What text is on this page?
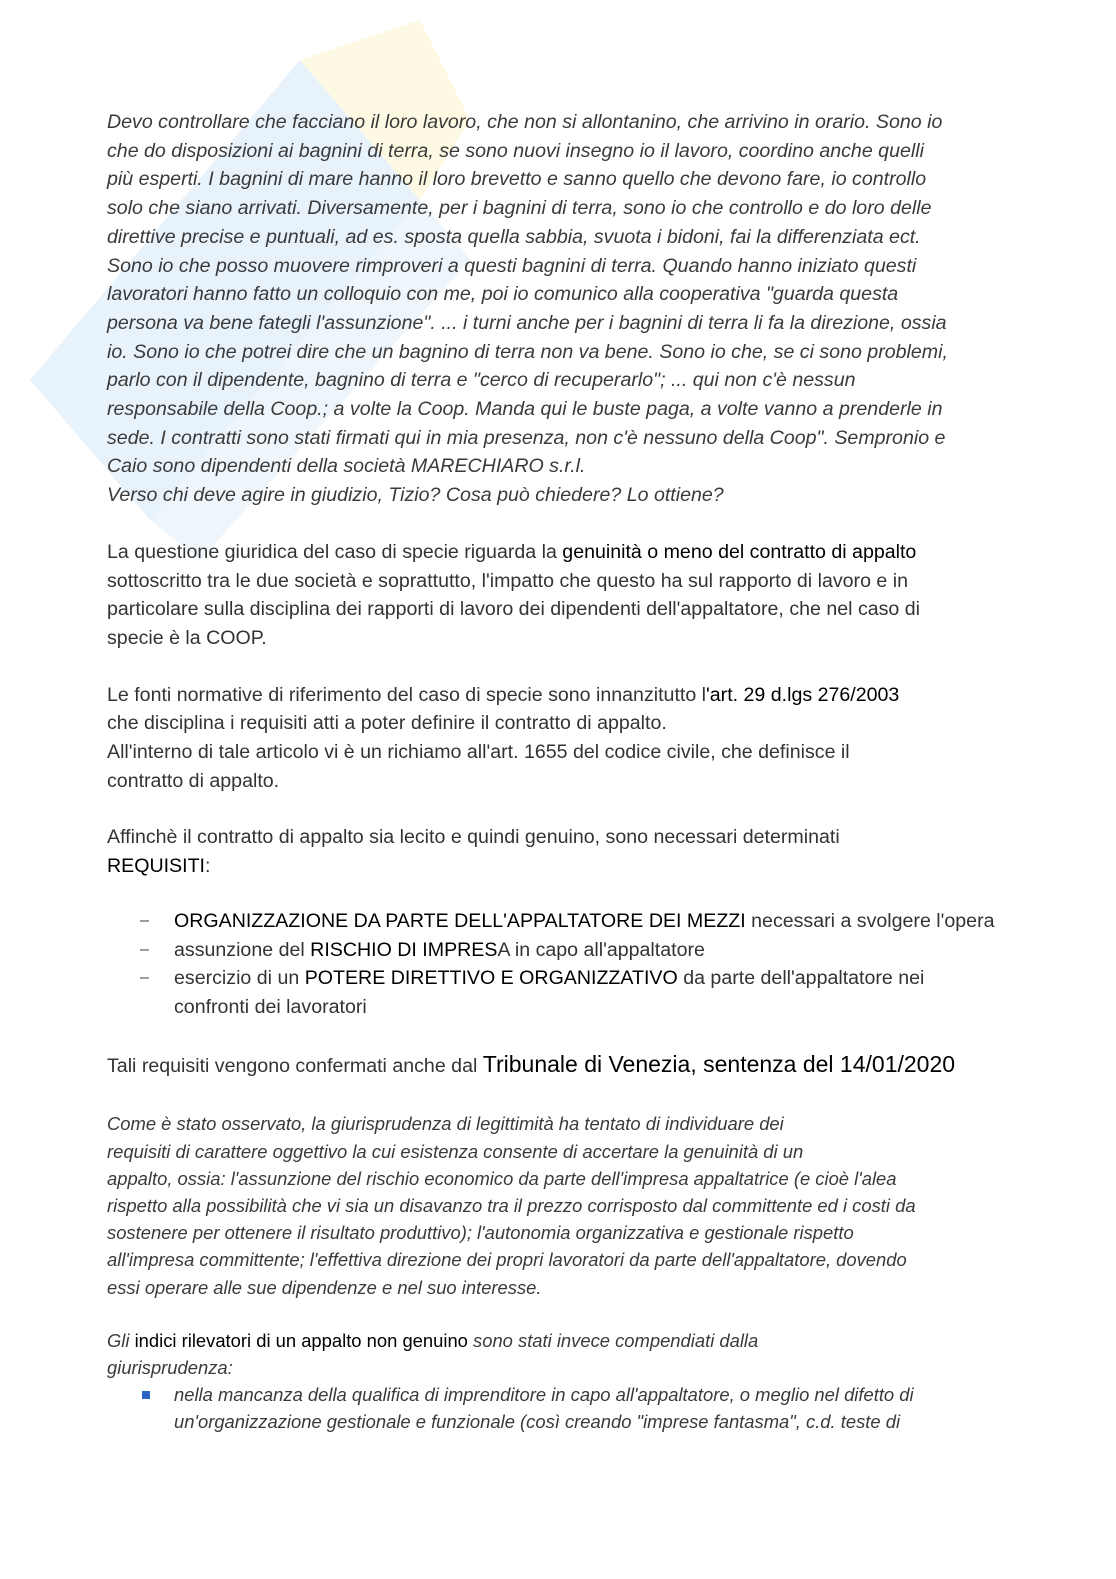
Devo controllare che facciano il loro lavoro, che non si allontanino, che arrivino in orario. Sono io

che do disposizioni ai bagnini di terra, se sono nuovi insegno io il lavoro, coordino anche quelli

più esperti. I bagnini di mare hanno il loro brevetto e sanno quello che devono fare, io controllo

solo che siano arrivati. Diversamente, per i bagnini di terra, sono io che controllo e do loro delle

direttive precise e puntuali, ad es. sposta quella sabbia, svuota i bidoni, fai la differenziata ect.

Sono io che posso muovere rimproveri a questi bagnini di terra. Quando hanno iniziato questi

lavoratori hanno fatto un colloquio con me, poi io comunico alla cooperativa "guarda questa

persona va bene fategli l'assunzione". ... i turni anche per i bagnini di terra li fa la direzione, ossia

io. Sono io che potrei dire che un bagnino di terra non va bene. Sono io che, se ci sono problemi,

parlo con il dipendente, bagnino di terra e "cerco di recuperarlo"; ... qui non c'è nessun

responsabile della Coop.; a volte la Coop. Manda qui le buste paga, a volte vanno a prenderle in

sede. I contratti sono stati firmati qui in mia presenza, non c'è nessuno della Coop". Sempronio e

Caio sono dipendenti della società MARECHIARO s.r.l.

Verso chi deve agire in giudizio, Tizio? Cosa può chiedere? Lo ottiene?

La questione giuridica del caso di specie riguarda la genuinità o meno del contratto di appalto

sottoscritto tra le due società e soprattutto, l'impatto che questo ha sul rapporto di lavoro e in

particolare sulla disciplina dei rapporti di lavoro dei dipendenti dell'appaltatore, che nel caso di

specie è la COOP.

Le fonti normative di riferimento del caso di specie sono innanzitutto l'art. 29 d.lgs 276/2003

che disciplina i requisiti atti a poter definire il contratto di appalto.

All'interno di tale articolo vi è un richiamo all'art. 1655 del codice civile, che definisce il

contratto di appalto.

Affinchè il contratto di appalto sia lecito e quindi genuino, sono necessari determinati

REQUISITI:

– ORGANIZZAZIONE DA PARTE DELL'APPALTATORE DEI MEZZI necessari a svolgere l'opera
– assunzione del RISCHIO DI IMPRESA in capo all'appaltatore
– esercizio di un POTERE DIRETTIVO E ORGANIZZATIVO da parte dell'appaltatore nei
confronti dei lavoratori

Tali requisiti vengono confermati anche dal Tribunale di Venezia, sentenza del 14/01/2020

Come è stato osservato, la giurisprudenza di legittimità ha tentato di individuare dei

requisiti di carattere oggettivo la cui esistenza consente di accertare la genuinità di un

appalto, ossia: l'assunzione del rischio economico da parte dell'impresa appaltatrice (e cioè l'alea

rispetto alla possibilità che vi sia un disavanzo tra il prezzo corrisposto dal committente ed i costi da

sostenere per ottenere il risultato produttivo); l'autonomia organizzativa e gestionale rispetto

all'impresa committente; l'effettiva direzione dei propri lavoratori da parte dell'appaltatore, dovendo

essi operare alle sue dipendenze e nel suo interesse.

Gli indici rilevatori di un appalto non genuino sono stati invece compendiati dalla

giurisprudenza:

nella mancanza della qualifica di imprenditore in capo all'appaltatore, o meglio nel difetto di
un'organizzazione gestionale e funzionale (così creando "imprese fantasma", c.d. teste di
